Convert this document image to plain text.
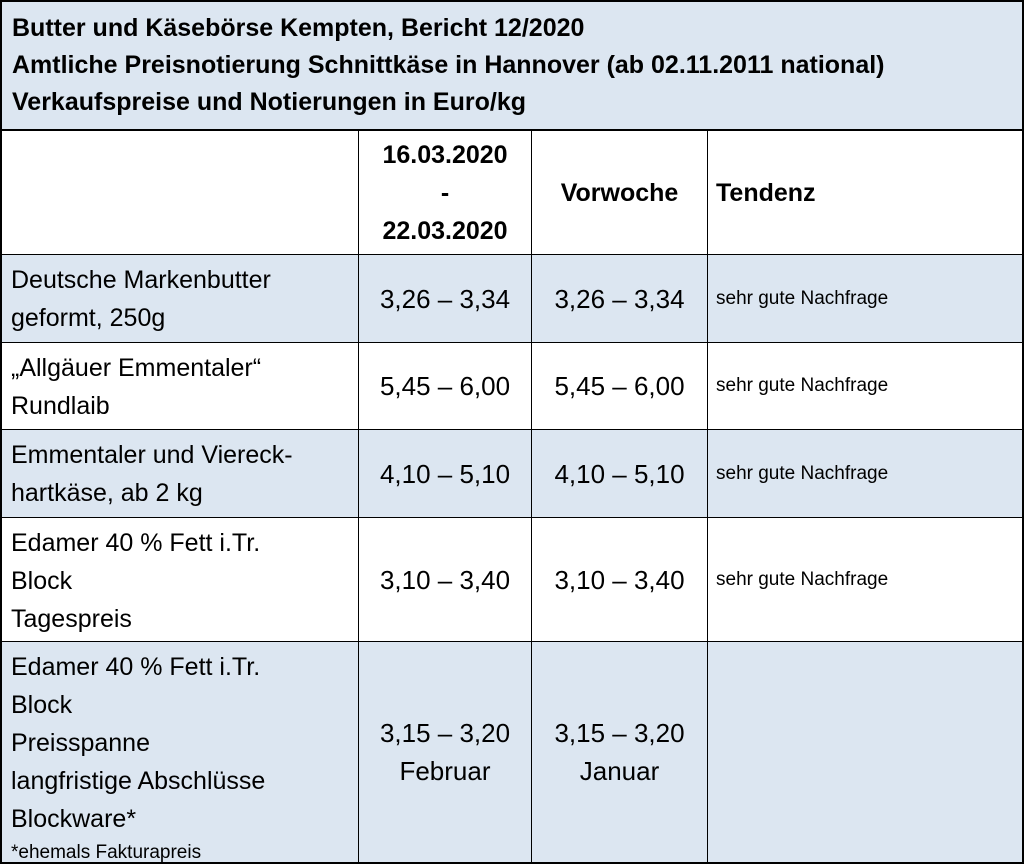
Butter und Käsebörse Kempten, Bericht 12/2020
Amtliche Preisnotierung Schnittkäse in Hannover (ab 02.11.2011 national)
Verkaufspreise und Notierungen in Euro/kg
16.03.2020
-
22.03.2020
Vorwoche Tendenz
Deutsche Markenbutter
geformt, 250g
3,26 – 3,34 3,26 – 3,34 sehr gute Nachfrage
„Allgäuer Emmentaler“
Rundlaib
5,45 – 6,00 5,45 – 6,00 sehr gute Nachfrage
Emmentaler und Viereck-
hartkäse, ab 2 kg
4,10 – 5,10 4,10 – 5,10 sehr gute Nachfrage
Edamer 40 % Fett i.Tr.
Block
Tagespreis
3,10 – 3,40 3,10 – 3,40 sehr gute Nachfrage
Edamer 40 % Fett i.Tr.
Block
Preisspanne
langfristige Abschlüsse
Blockware*
*ehemals Fakturapreis
3,15 – 3,20
Februar
3,15 – 3,20
Januar
